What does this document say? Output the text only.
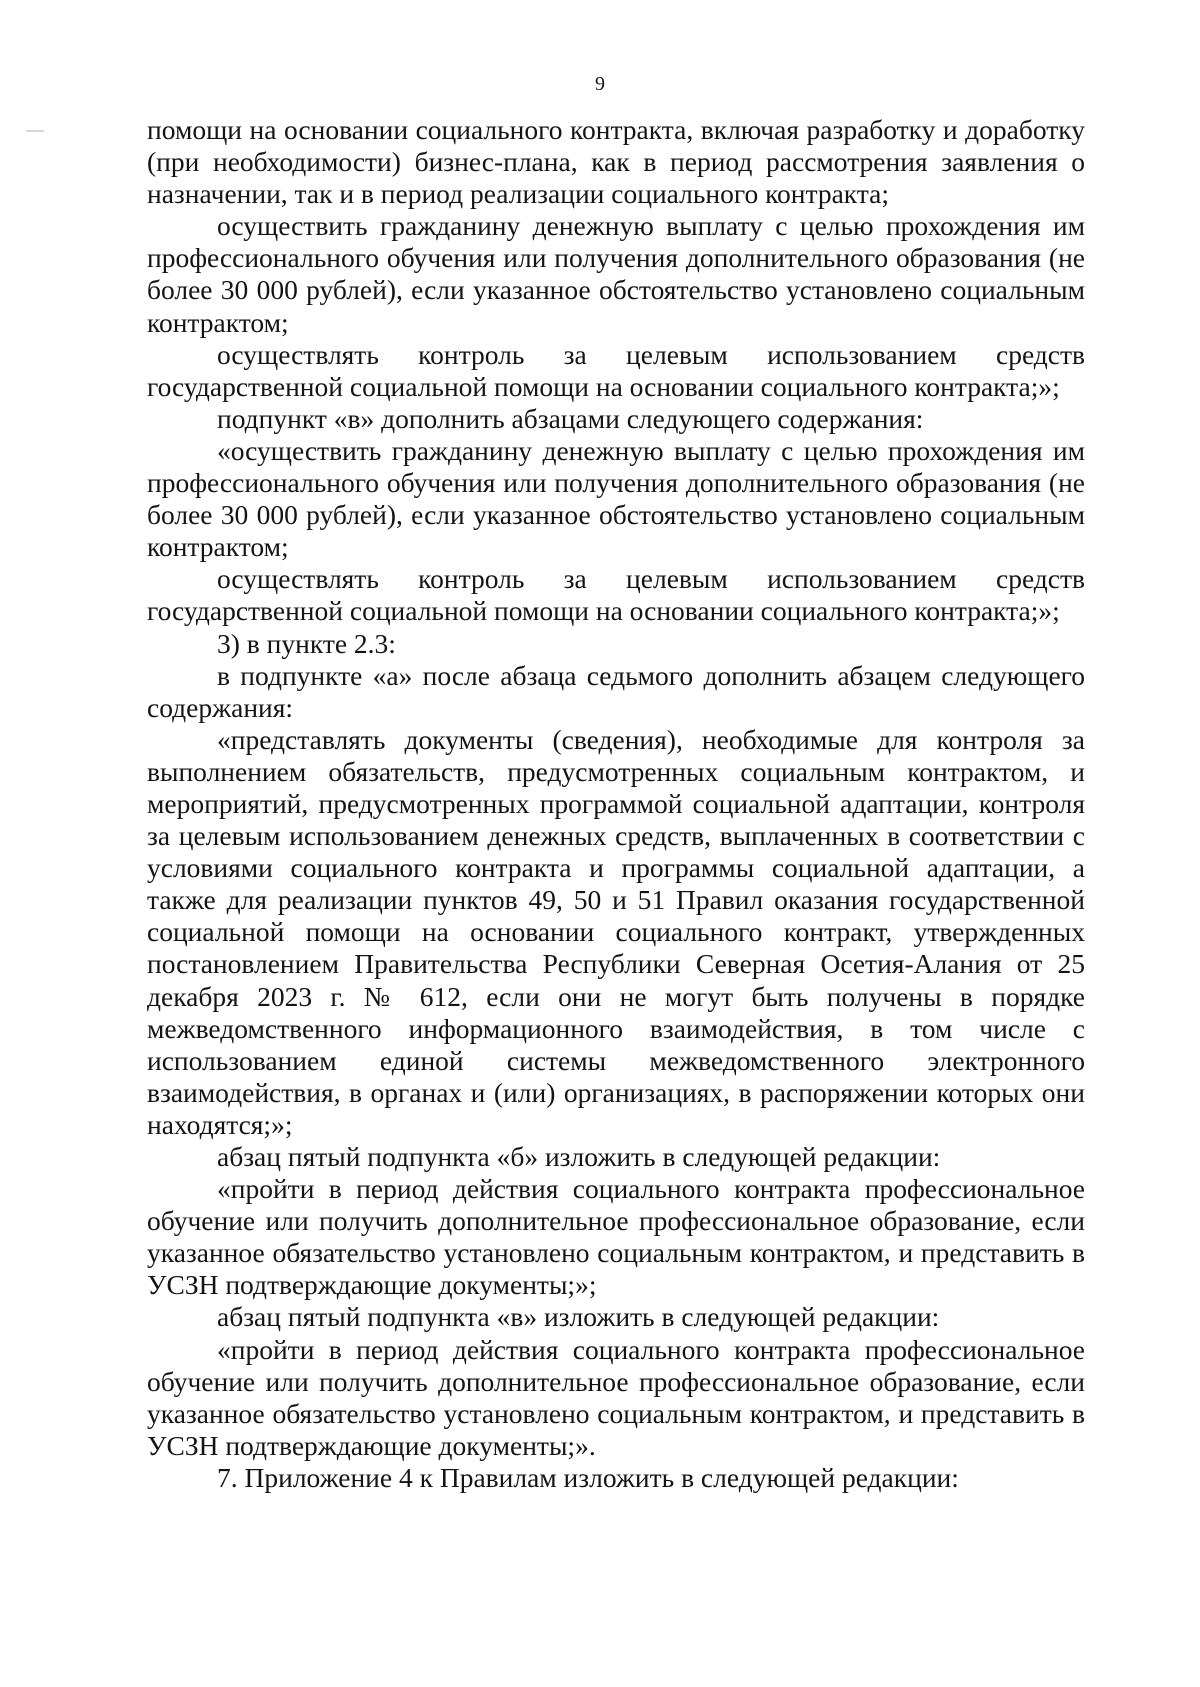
9

помощи на основании социального контракта, включая разработку и доработку (при необходимости) бизнес-плана, как в период рассмотрения заявления о назначении, так и в период реализации социального контракта;

осуществить гражданину денежную выплату с целью прохождения им профессионального обучения или получения дополнительного образования (не более 30 000 рублей), если указанное обстоятельство установлено социальным контрактом;

осуществлять контроль за целевым использованием средств государственной социальной помощи на основании социального контракта;»;

подпункт «в» дополнить абзацами следующего содержания:

«осуществить гражданину денежную выплату с целью прохождения им профессионального обучения или получения дополнительного образования (не более 30 000 рублей), если указанное обстоятельство установлено социальным контрактом;

осуществлять контроль за целевым использованием средств государственной социальной помощи на основании социального контракта;»;

3) в пункте 2.3:

в подпункте «а» после абзаца седьмого дополнить абзацем следующего содержания:

«представлять документы (сведения), необходимые для контроля за выполнением обязательств, предусмотренных социальным контрактом, и мероприятий, предусмотренных программой социальной адаптации, контроля за целевым использованием денежных средств, выплаченных в соответствии с условиями социального контракта и программы социальной адаптации, а также для реализации пунктов 49, 50 и 51 Правил оказания государственной социальной помощи на основании социального контракт, утвержденных постановлением Правительства Республики Северная Осетия-Алания от 25 декабря 2023 г. № 612, если они не могут быть получены в порядке межведомственного информационного взаимодействия, в том числе с использованием единой системы межведомственного электронного взаимодействия, в органах и (или) организациях, в распоряжении которых они находятся;»;

абзац пятый подпункта «б» изложить в следующей редакции:

«пройти в период действия социального контракта профессиональное обучение или получить дополнительное профессиональное образование, если указанное обязательство установлено социальным контрактом, и представить в УСЗН подтверждающие документы;»;

абзац пятый подпункта «в» изложить в следующей редакции:

«пройти в период действия социального контракта профессиональное обучение или получить дополнительное профессиональное образование, если указанное обязательство установлено социальным контрактом, и представить в УСЗН подтверждающие документы;».

7. Приложение 4 к Правилам изложить в следующей редакции:
